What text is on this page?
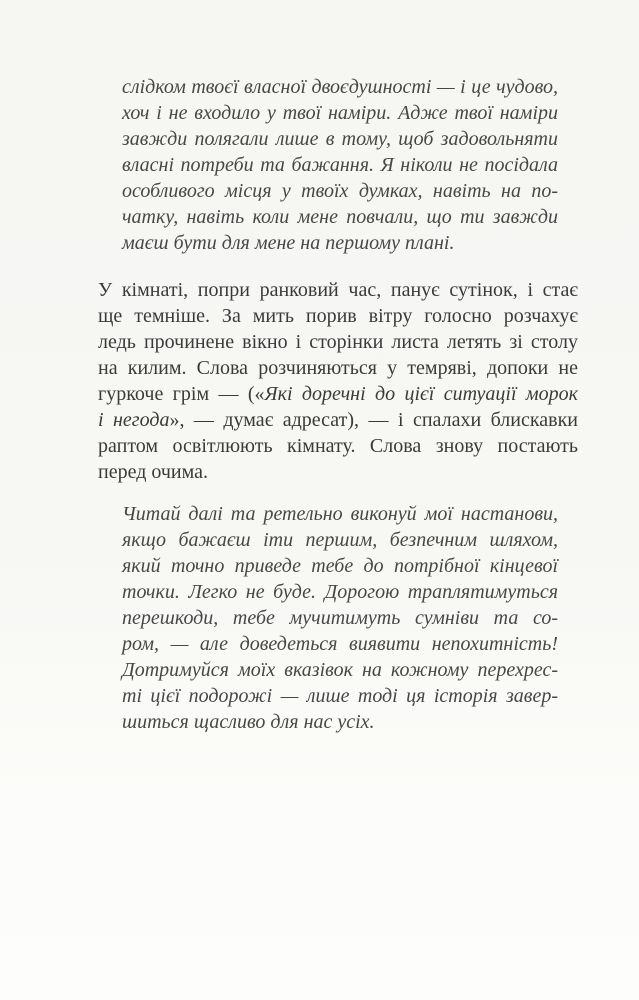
слідком твоєї власної двоєдушності — і це чудово,
хоч і не входило у твої наміри. Адже твої наміри
завжди полягали лише в тому, щоб задовольняти
власні потреби та бажання. Я ніколи не посідала
особливого місця у твоїх думках, навіть на по-
чатку, навіть коли мене повчали, що ти завжди
маєш бути для мене на першому плані.
У кімнаті, попри ранковий час, панує сутінок, і стає
ще темніше. За мить порив вітру голосно розчахує
ледь прочинене вікно і сторінки листа летять зі столу
на килим. Слова розчиняються у темряві, допоки не
гуркоче грім — («Які доречні до цієї ситуації морок
і негода», — думає адресат), — і спалахи блискавки
раптом освітлюють кімнату. Слова знову постають
перед очима.
Читай далі та ретельно виконуй мої настанови,
якщо бажаєш іти першим, безпечним шляхом,
який точно приведе тебе до потрібної кінцевої
точки. Легко не буде. Дорогою траплятимуться
перешкоди, тебе мучитимуть сумніви та со-
ром, — але доведеться виявити непохитність!
Дотримуйся моїх вказівок на кожному перехрес-
ті цієї подорожі — лише тоді ця історія завер-
шиться щасливо для нас усіх.
